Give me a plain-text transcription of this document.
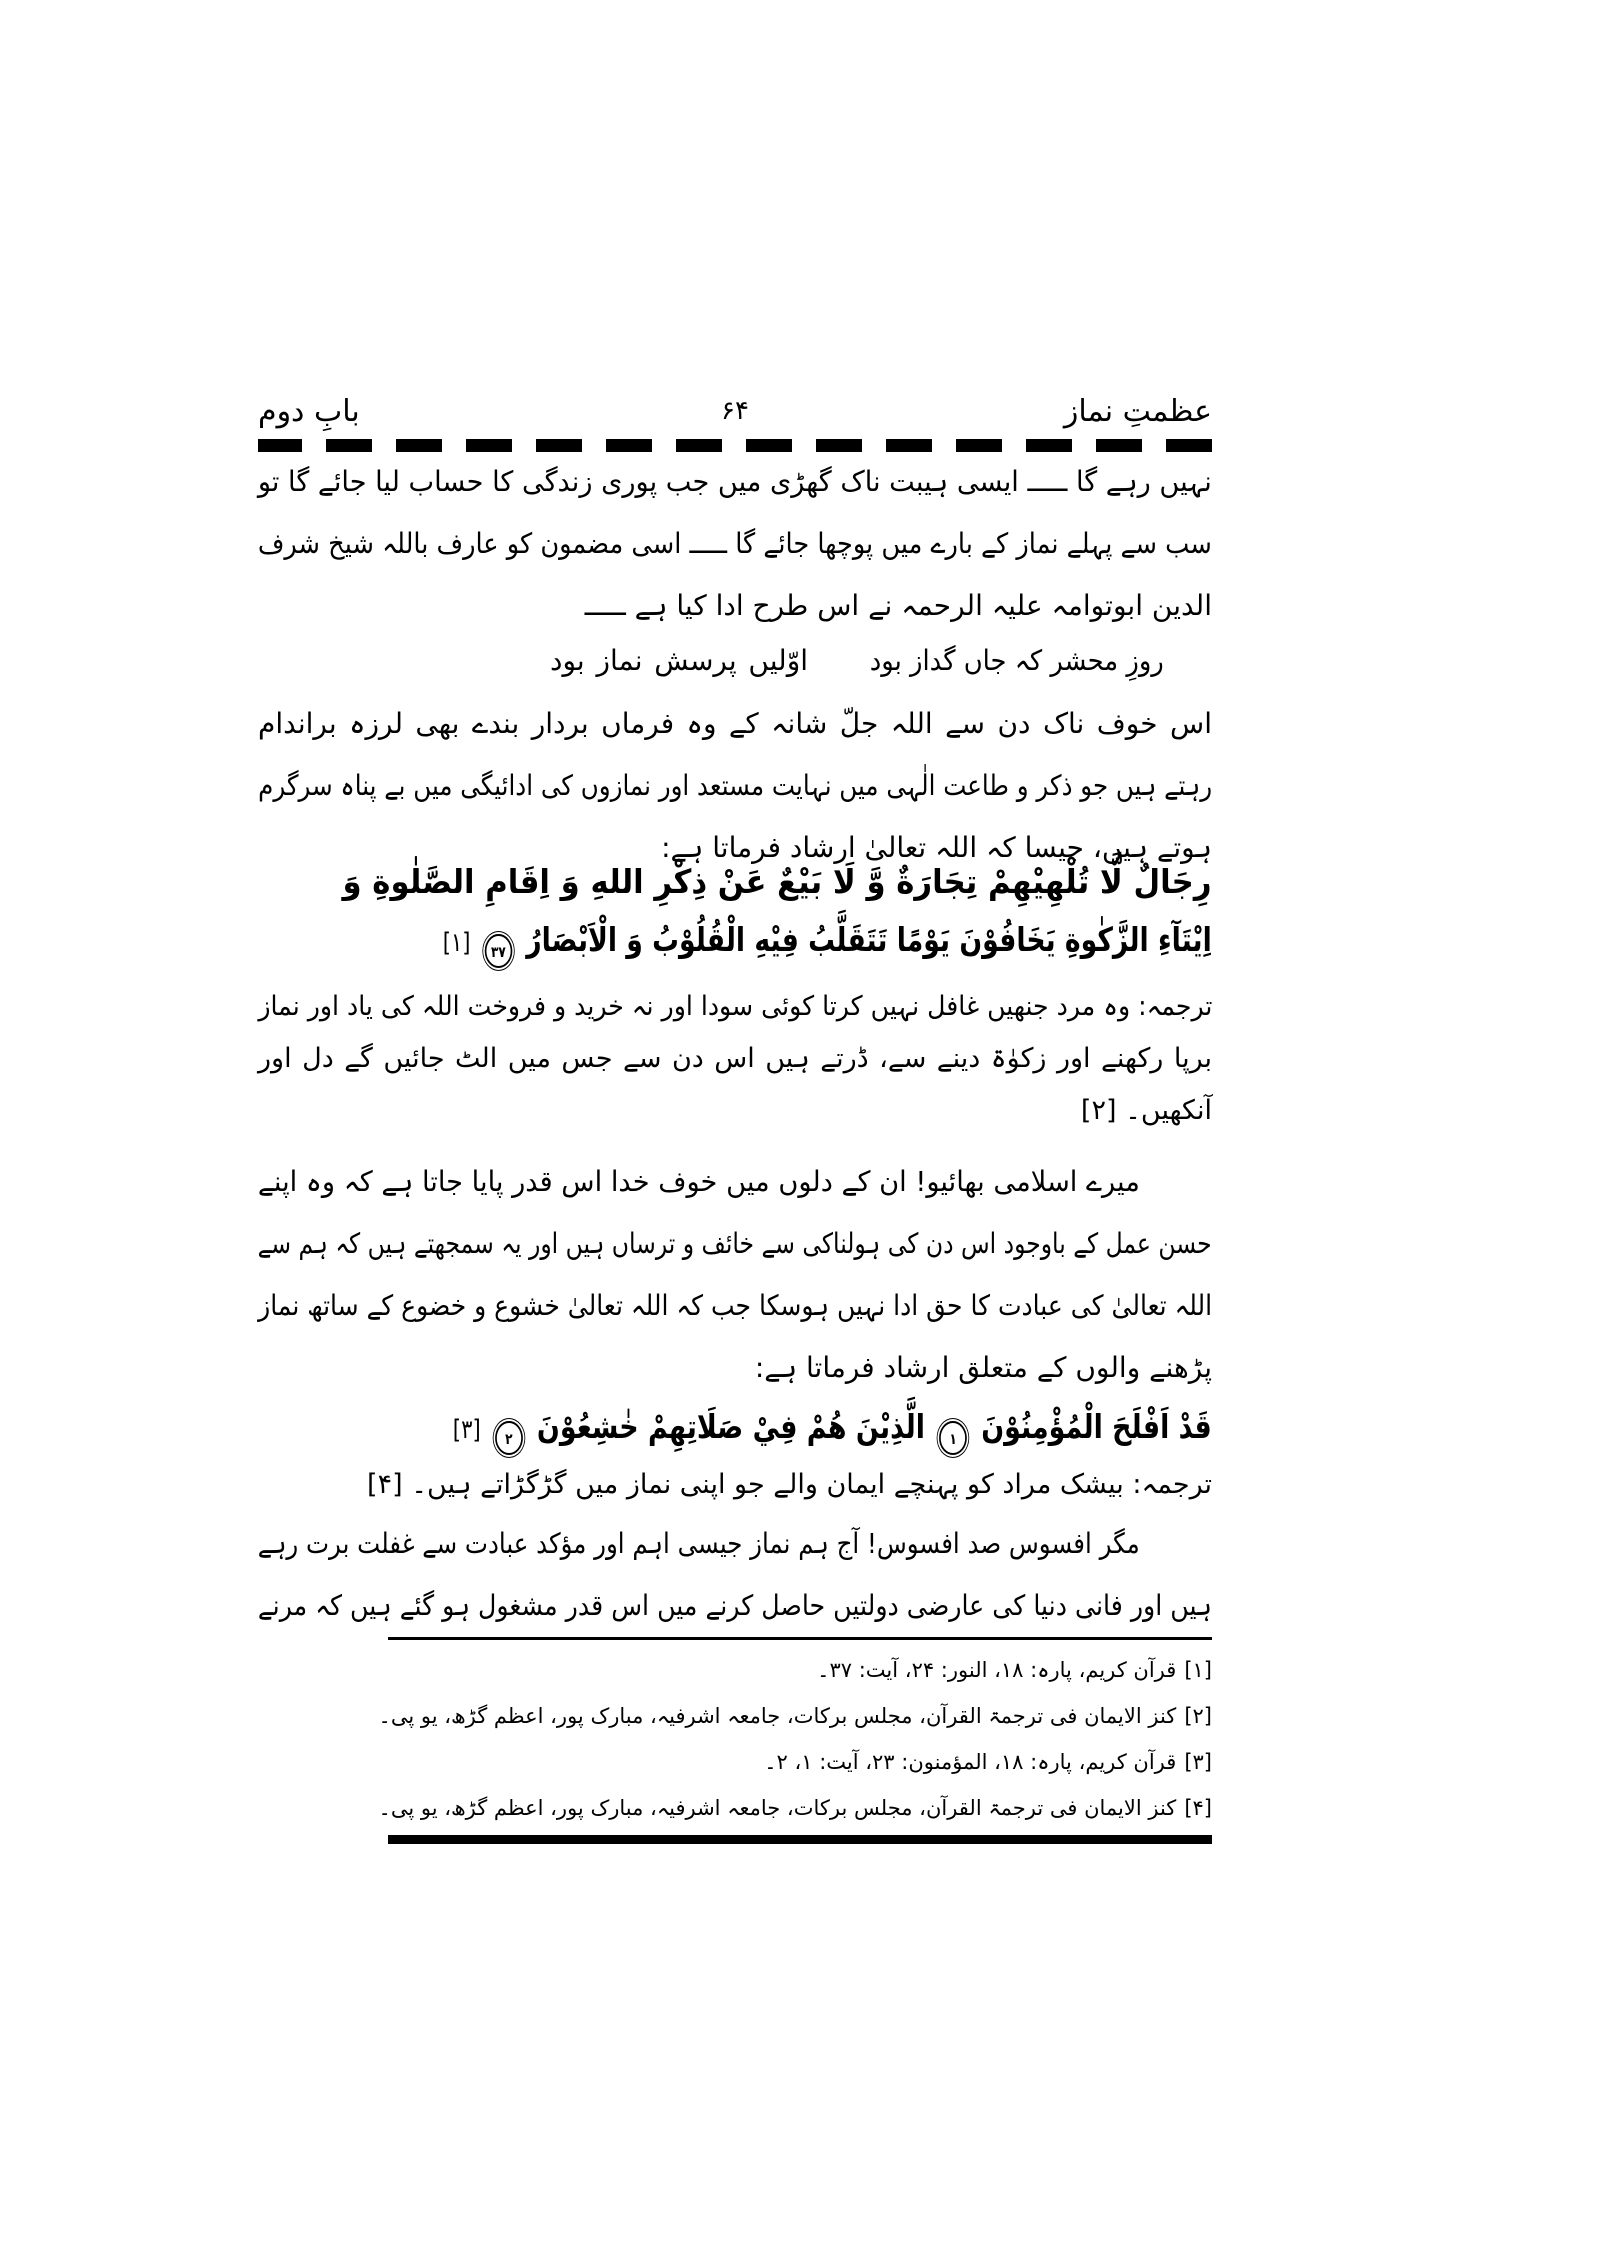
عظمتِ نماز
۶۴
بابِ دوم
نہیں رہے گا ـــــ ایسی ہیبت ناک گھڑی میں جب پوری زندگی کا حساب لیا جائے گا تو
سب سے پہلے نماز کے بارے میں پوچھا جائے گا ـــــ اسی مضمون کو عارف باللہ شیخ شرف
الدین ابوتوامہ علیہ الرحمہ نے اس طرح ادا کیا ہے ـــــ
روزِ محشر کہ جاں گداز بود
اوّلیں پرسش نماز بود
اس خوف ناک دن سے اللہ جلّ شانہ کے وہ فرماں بردار بندے بھی لرزہ براندام
رہتے ہیں جو ذکر و طاعت الٰہی میں نہایت مستعد اور نمازوں کی ادائیگی میں بے پناہ سرگرم
ہوتے ہیں، جیسا کہ اللہ تعالیٰ ارشاد فرماتا ہے:
رِجَالٌ لَّا تُلْهِيْهِمْ تِجَارَةٌ وَّ لَا بَيْعٌ عَنْ ذِكْرِ اللهِ وَ اِقَامِ الصَّلٰوةِ وَ
اِيْتَآءِ الزَّكٰوةِ يَخَافُوْنَ يَوْمًا تَتَقَلَّبُ فِيْهِ الْقُلُوْبُ وَ الْاَبْصَارُ ۳۷ [۱]
ترجمہ: وہ مرد جنھیں غافل نہیں کرتا کوئی سودا اور نہ خرید و فروخت اللہ کی یاد اور نماز
برپا رکھنے اور زکوٰۃ دینے سے، ڈرتے ہیں اس دن سے جس میں الٹ جائیں گے دل اور
آنکھیں۔ [۲]
میرے اسلامی بھائیو! ان کے دلوں میں خوف خدا اس قدر پایا جاتا ہے کہ وہ اپنے
حسن عمل کے باوجود اس دن کی ہولناکی سے خائف و ترساں ہیں اور یہ سمجھتے ہیں کہ ہم سے
اللہ تعالیٰ کی عبادت کا حق ادا نہیں ہوسکا جب کہ اللہ تعالیٰ خشوع و خضوع کے ساتھ نماز
پڑھنے والوں کے متعلق ارشاد فرماتا ہے:
قَدْ اَفْلَحَ الْمُؤْمِنُوْنَ ۱ الَّذِيْنَ هُمْ فِيْ صَلَاتِهِمْ خٰشِعُوْنَ ۲ [۳]
ترجمہ: بیشک مراد کو پہنچے ایمان والے جو اپنی نماز میں گڑگڑاتے ہیں۔ [۴]
مگر افسوس صد افسوس! آج ہم نماز جیسی اہم اور مؤکد عبادت سے غفلت برت رہے
ہیں اور فانی دنیا کی عارضی دولتیں حاصل کرنے میں اس قدر مشغول ہو گئے ہیں کہ مرنے
[۱]قرآن کریم، پارہ: ۱۸، النور: ۲۴، آیت: ۳۷۔
[۲]کنز الایمان فی ترجمۃ القرآن، مجلس برکات، جامعہ اشرفیہ، مبارک پور، اعظم گڑھ، یو پی۔
[۳]قرآن کریم، پارہ: ۱۸، المؤمنون: ۲۳، آیت: ۱، ۲۔
[۴]کنز الایمان فی ترجمۃ القرآن، مجلس برکات، جامعہ اشرفیہ، مبارک پور، اعظم گڑھ، یو پی۔
